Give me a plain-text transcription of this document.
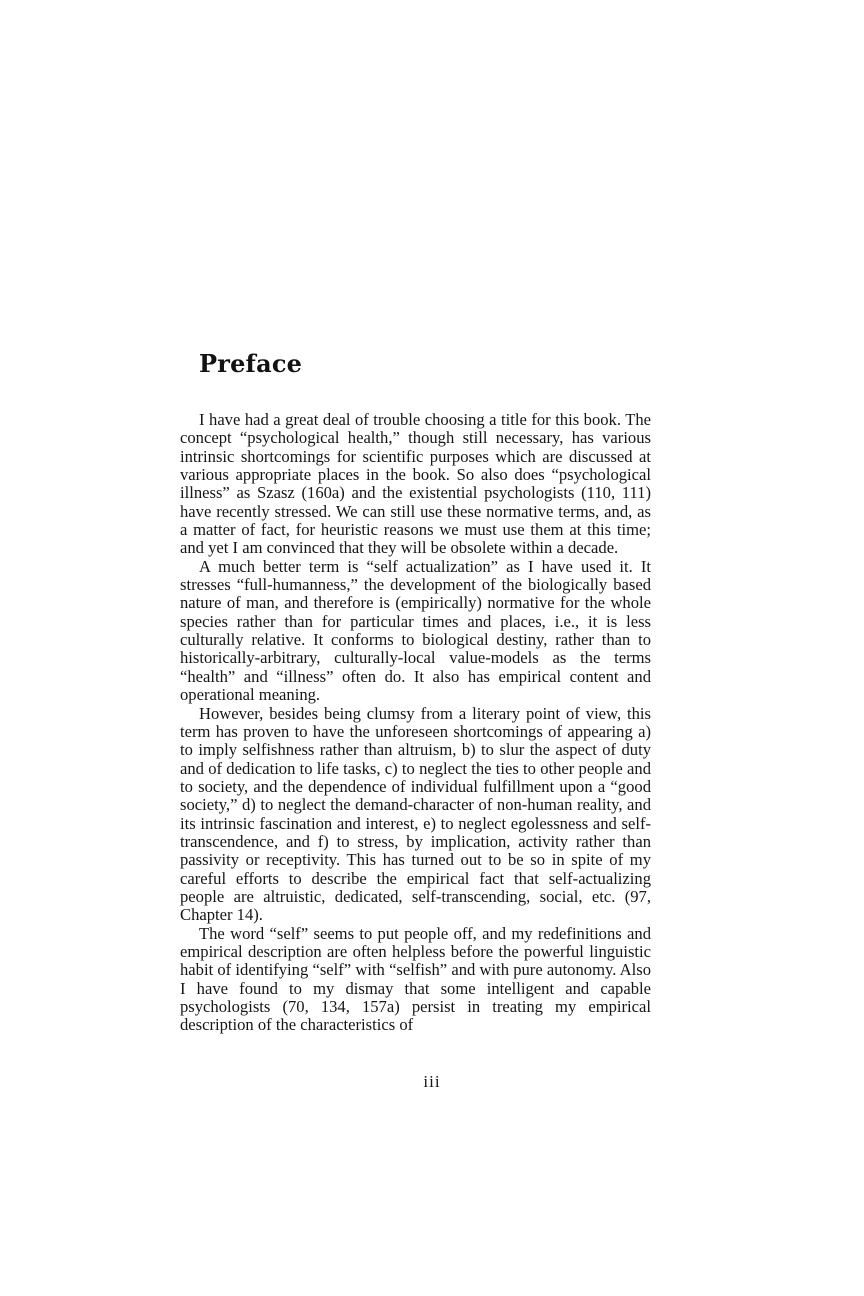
Preface

I have had a great deal of trouble choosing a title for this book. The concept “psychological health,” though still necessary, has various intrinsic shortcomings for scientific purposes which are discussed at various appropriate places in the book. So also does “psychological illness” as Szasz (160a) and the existential psychologists (110, 111) have recently stressed. We can still use these normative terms, and, as a matter of fact, for heuristic reasons we must use them at this time; and yet I am convinced that they will be obsolete within a decade.

A much better term is “self actualization” as I have used it. It stresses “full-humanness,” the development of the biologically based nature of man, and therefore is (empirically) normative for the whole species rather than for particular times and places, i.e., it is less culturally relative. It conforms to biological destiny, rather than to historically-arbitrary, culturally-local value-models as the terms “health” and “illness” often do. It also has empirical content and operational meaning.

However, besides being clumsy from a literary point of view, this term has proven to have the unforeseen shortcomings of appearing a) to imply selfishness rather than altruism, b) to slur the aspect of duty and of dedication to life tasks, c) to neglect the ties to other people and to society, and the dependence of individual fulfillment upon a “good society,” d) to neglect the demand-character of non-human reality, and its intrinsic fascination and interest, e) to neglect egolessness and self-transcendence, and f) to stress, by implication, activity rather than passivity or receptivity. This has turned out to be so in spite of my careful efforts to describe the empirical fact that self-actualizing people are altruistic, dedicated, self-transcending, social, etc. (97, Chapter 14).

The word “self” seems to put people off, and my redefinitions and empirical description are often helpless before the powerful linguistic habit of identifying “self” with “selfish” and with pure autonomy. Also I have found to my dismay that some intelligent and capable psychologists (70, 134, 157a) persist in treating my empirical description of the characteristics of

iii
